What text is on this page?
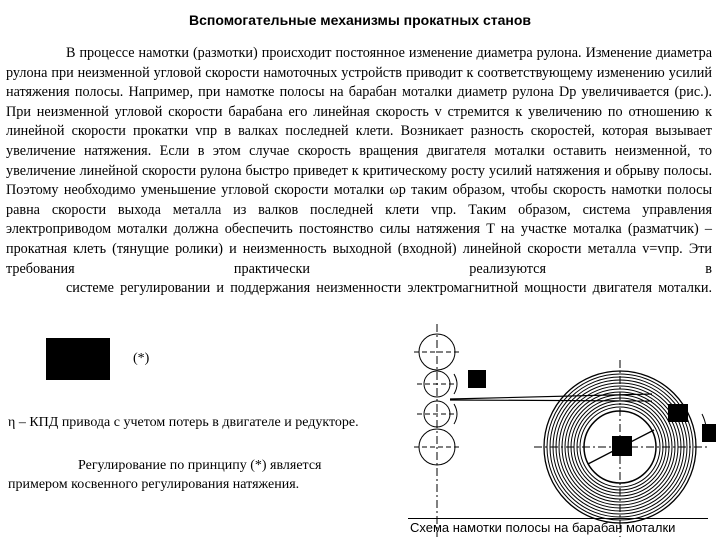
Вспомогательные механизмы прокатных станов
В процессе намотки (размотки) происходит постоянное изменение диаметра рулона. Изменение диаметра рулона при неизменной угловой скорости намоточных устройств приводит к соответствующему изменению усилий натяжения полосы. Например, при намотке полосы на барабан моталки диаметр рулона Dр увеличивается (рис.). При неизменной угловой скорости барабана его линейная скорость v стремится к увеличению по отношению к линейной скорости прокатки vпр в валках последней клети. Возникает разность скоростей, которая вызывает увеличение натяжения. Если в этом случае скорость вращения двигателя моталки оставить неизменной, то увеличение линейной скорости рулона быстро приведет к критическому росту усилий натяжения и обрыву полосы. Поэтому необходимо уменьшение угловой скорости моталки ωр таким образом, чтобы скорость намотки полосы равна скорости выхода металла из валков последней клети vпр. Таким образом, система управления электроприводом моталки должна обеспечить постоянство силы натяжения T на участке моталка (разматчик) – прокатная клеть (тянущие ролики) и неизменность выходной (входной) линейной скорости металла v=vпр. Эти требования практически реализуются в
системе регулировании и поддержания неизменности электромагнитной мощности двигателя моталки.
(*)
η – КПД привода с учетом потерь в двигателе и редукторе.
Регулирование по принципу (*) является
примером косвенного регулирования натяжения.
Схема намотки полосы на барабан моталки
